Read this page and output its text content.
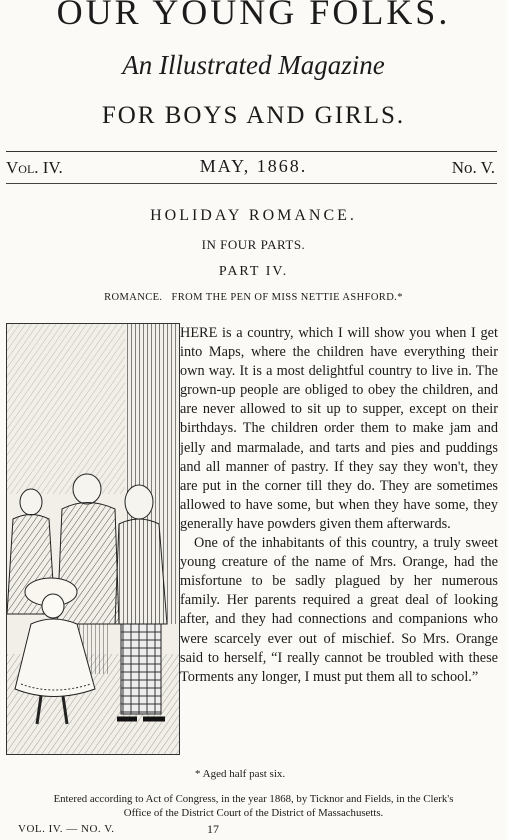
OUR YOUNG FOLKS.
An Illustrated Magazine
FOR BOYS AND GIRLS.
Vol. IV.	MAY, 1868.	No. V.
HOLIDAY ROMANCE.
IN FOUR PARTS.
PART IV.
ROMANCE.   FROM THE PEN OF MISS NETTIE ASHFORD.*

HERE is a country, which I will show you when I get into Maps, where the children have everything their own way. It is a most delightful country to live in. The grown-up people are obliged to obey the children, and are never allowed to sit up to supper, except on their birthdays. The children order them to make jam and jelly and marmalade, and tarts and pies and puddings and all manner of pastry. If they say they won't, they are put in the corner till they do. They are sometimes allowed to have some, but when they have some, they generally have powders given them afterwards.

One of the inhabitants of this country, a truly sweet young creature of the name of Mrs. Orange, had the misfortune to be sadly plagued by her numerous family. Her parents required a great deal of looking after, and they had connections and companions who were scarcely ever out of mischief. So Mrs. Orange said to herself, “I really cannot be troubled with these Torments any longer, I must put them all to school.”

* Aged half past six.
Entered according to Act of Congress, in the year 1868, by Ticknor and Fields, in the Clerk's
Office of the District Court of the District of Massachusetts.
VOL. IV. — NO. V.	17
